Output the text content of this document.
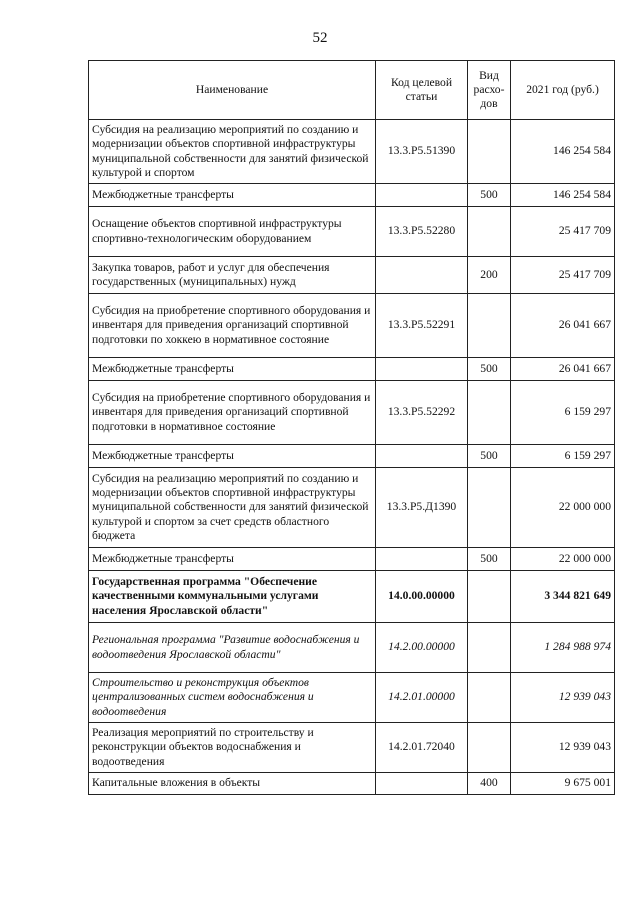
52
Наименование	Код целевой статьи	Вид расхо-дов	2021 год (руб.)
Субсидия на реализацию мероприятий по созданию и модернизации объектов спортивной инфраструктуры муниципальной собственности для занятий физической культурой и спортом	13.3.P5.51390		146 254 584
Межбюджетные трансферты		500	146 254 584
Оснащение объектов спортивной инфраструктуры спортивно-технологическим оборудованием	13.3.P5.52280		25 417 709
Закупка товаров, работ и услуг для обеспечения государственных (муниципальных) нужд		200	25 417 709
Субсидия на приобретение спортивного оборудования и инвентаря для приведения организаций спортивной подготовки по хоккею в нормативное состояние	13.3.P5.52291		26 041 667
Межбюджетные трансферты		500	26 041 667
Субсидия на приобретение спортивного оборудования и инвентаря для приведения организаций спортивной подготовки в нормативное состояние	13.3.P5.52292		6 159 297
Межбюджетные трансферты		500	6 159 297
Субсидия на реализацию мероприятий по созданию и модернизации объектов спортивной инфраструктуры муниципальной собственности для занятий физической культурой и спортом за счет средств областного бюджета	13.3.P5.Д1390		22 000 000
Межбюджетные трансферты		500	22 000 000
Государственная программа "Обеспечение качественными коммунальными услугами населения Ярославской области"	14.0.00.00000		3 344 821 649
Региональная программа "Развитие водоснабжения и водоотведения Ярославской области"	14.2.00.00000		1 284 988 974
Строительство и реконструкция объектов централизованных систем водоснабжения и водоотведения	14.2.01.00000		12 939 043
Реализация мероприятий по строительству и реконструкции объектов водоснабжения и водоотведения	14.2.01.72040		12 939 043
Капитальные вложения в объекты		400	9 675 001
